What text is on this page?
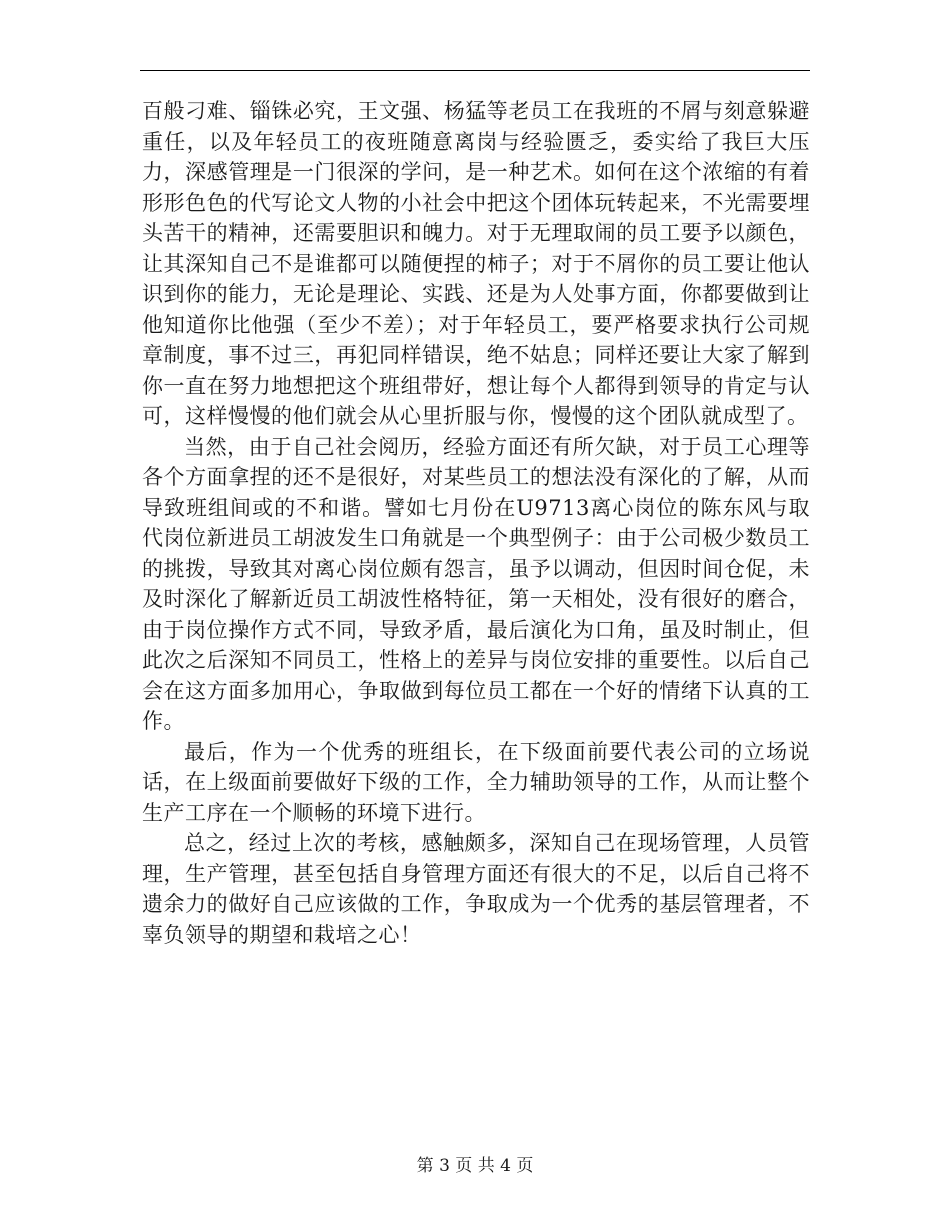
百般刁难、锱铢必究，王文强、杨猛等老员工在我班的不屑与刻意躲避重任，以及年轻员工的夜班随意离岗与经验匮乏，委实给了我巨大压力，深感管理是一门很深的学问，是一种艺术。如何在这个浓缩的有着形形色色的代写论文人物的小社会中把这个团体玩转起来，不光需要埋头苦干的精神，还需要胆识和魄力。对于无理取闹的员工要予以颜色，让其深知自己不是谁都可以随便捏的柿子；对于不屑你的员工要让他认识到你的能力，无论是理论、实践、还是为人处事方面，你都要做到让他知道你比他强（至少不差）；对于年轻员工，要严格要求执行公司规章制度，事不过三，再犯同样错误，绝不姑息；同样还要让大家了解到你一直在努力地想把这个班组带好，想让每个人都得到领导的肯定与认可，这样慢慢的他们就会从心里折服与你，慢慢的这个团队就成型了。

当然，由于自己社会阅历，经验方面还有所欠缺，对于员工心理等各个方面拿捏的还不是很好，对某些员工的想法没有深化的了解，从而导致班组间或的不和谐。譬如七月份在U9713离心岗位的陈东风与取代岗位新进员工胡波发生口角就是一个典型例子：由于公司极少数员工的挑拨，导致其对离心岗位颇有怨言，虽予以调动，但因时间仓促，未及时深化了解新近员工胡波性格特征，第一天相处，没有很好的磨合，由于岗位操作方式不同，导致矛盾，最后演化为口角，虽及时制止，但此次之后深知不同员工，性格上的差异与岗位安排的重要性。以后自己会在这方面多加用心，争取做到每位员工都在一个好的情绪下认真的工作。

最后，作为一个优秀的班组长，在下级面前要代表公司的立场说话，在上级面前要做好下级的工作，全力辅助领导的工作，从而让整个生产工序在一个顺畅的环境下进行。

总之，经过上次的考核，感触颇多，深知自己在现场管理，人员管理，生产管理，甚至包括自身管理方面还有很大的不足，以后自己将不遗余力的做好自己应该做的工作，争取成为一个优秀的基层管理者，不辜负领导的期望和栽培之心！

第 3 页 共 4 页
